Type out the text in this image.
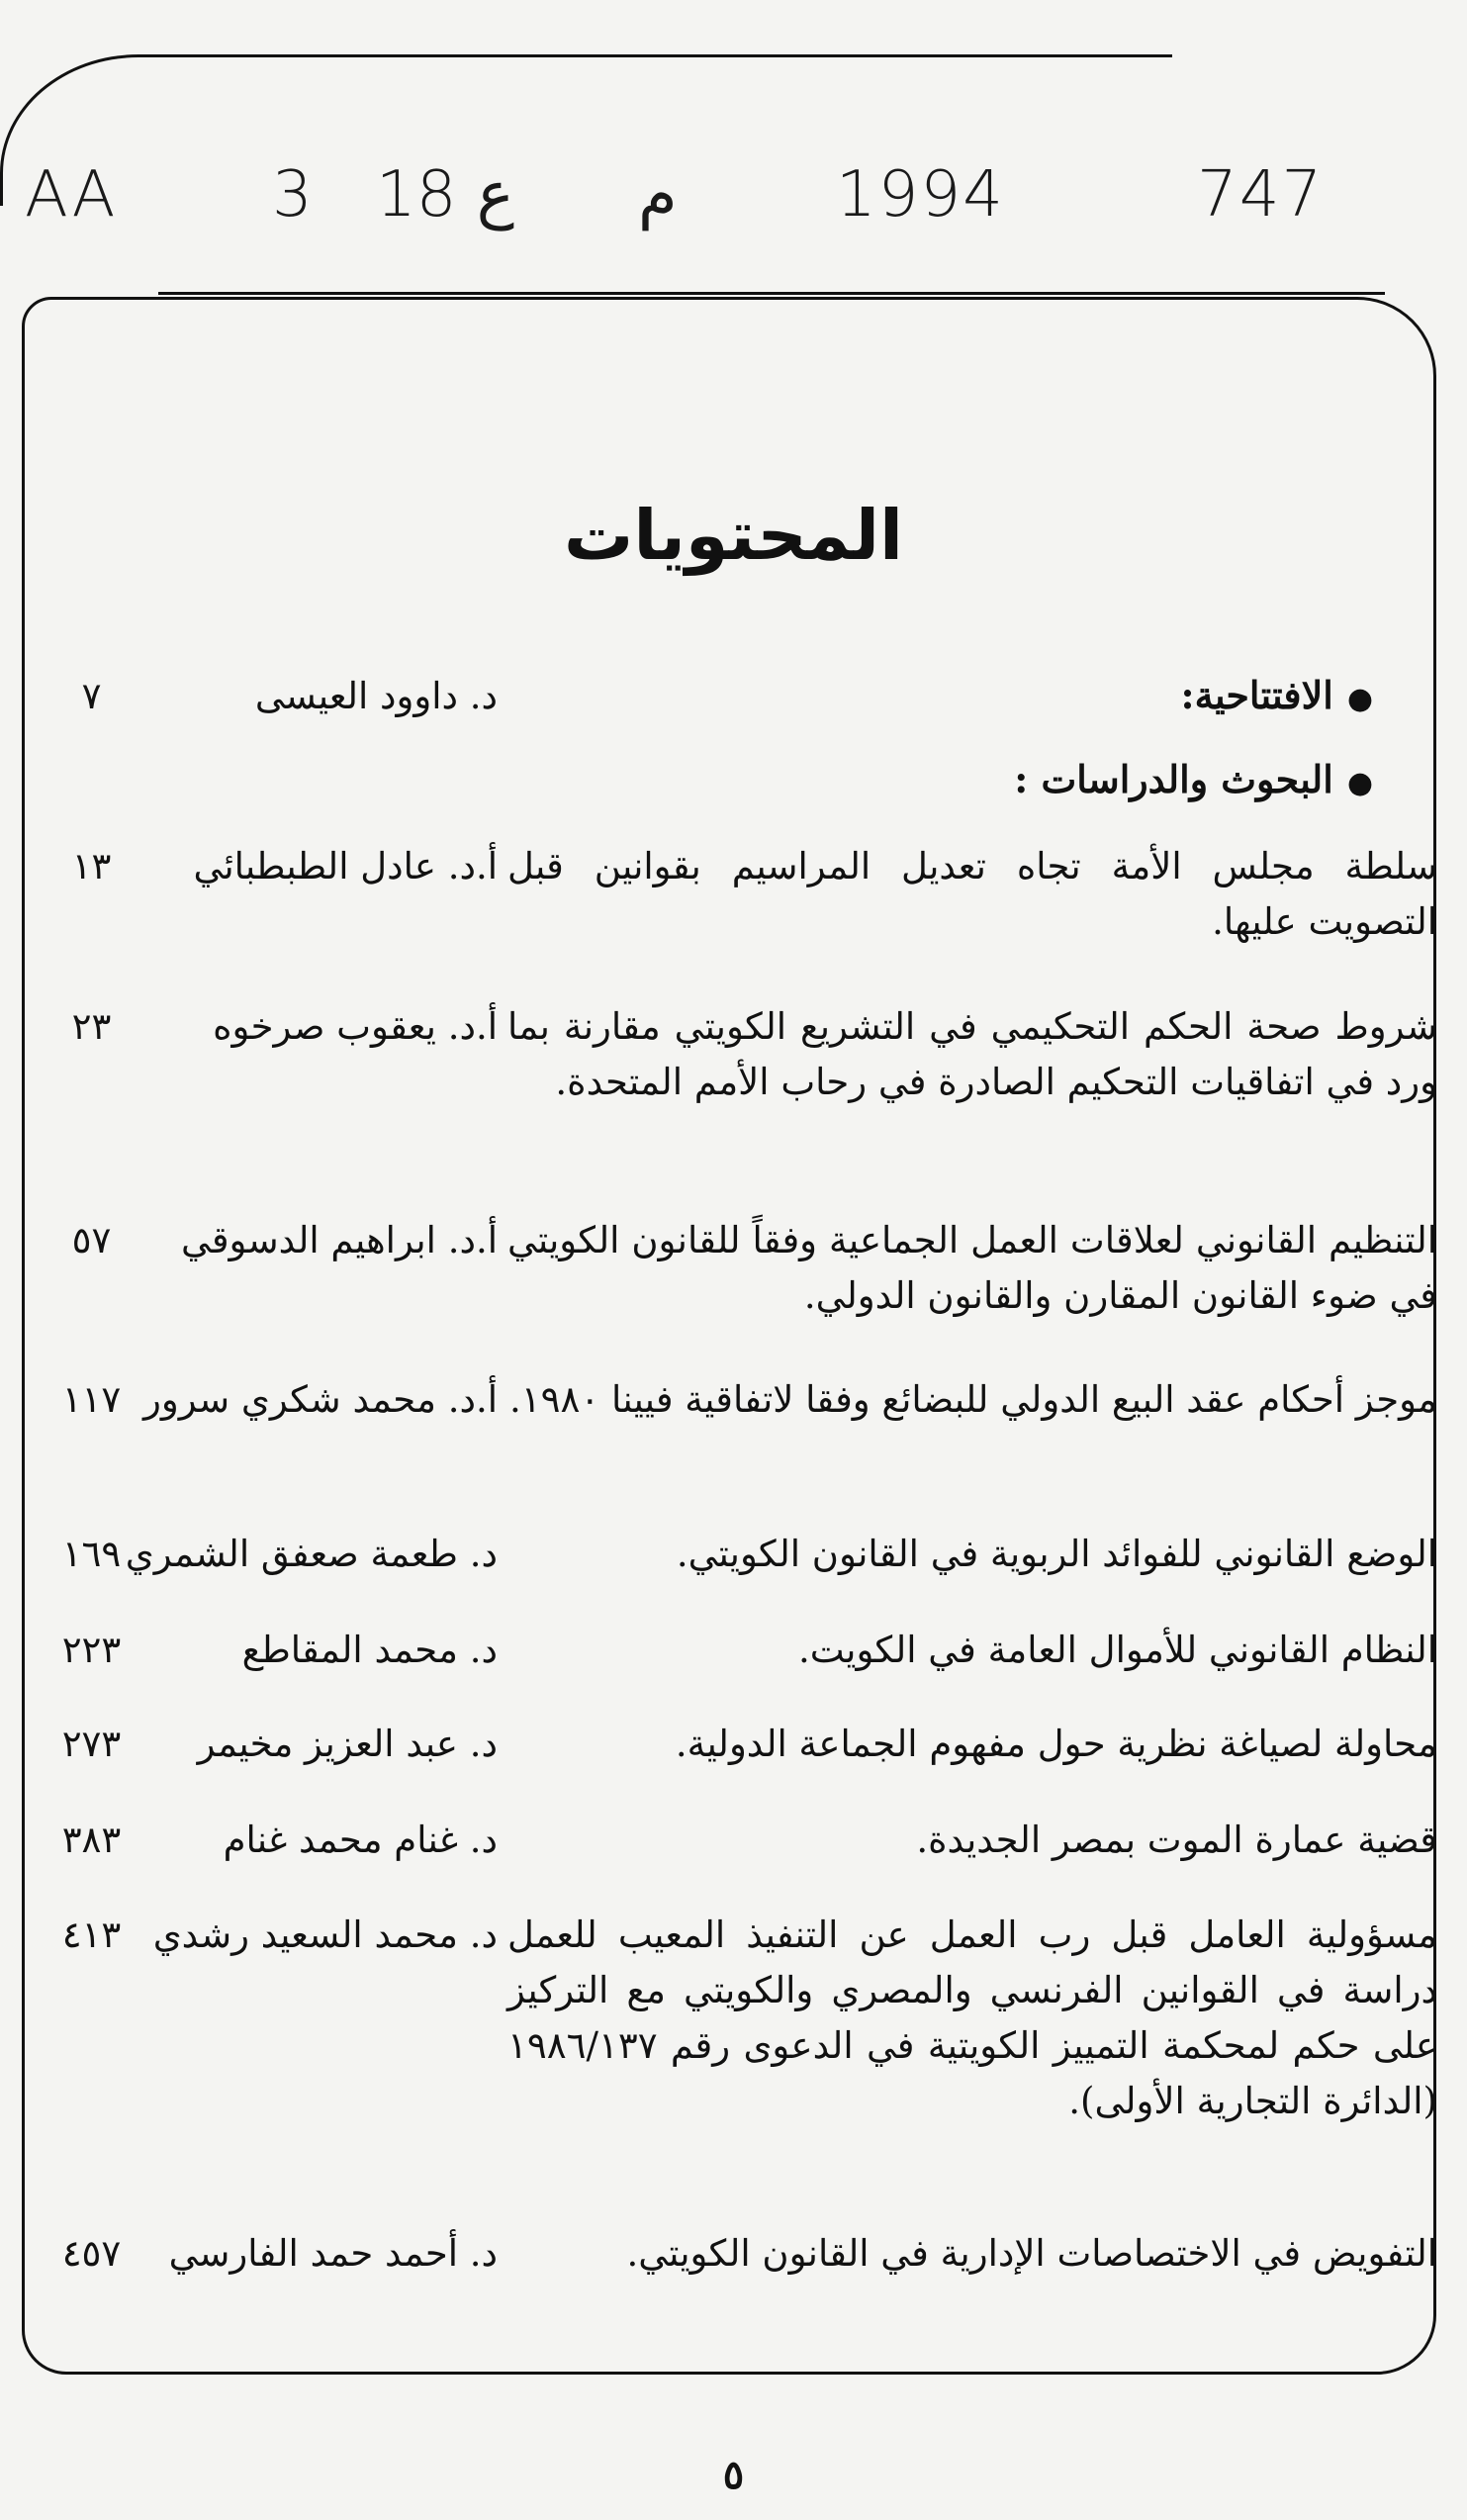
AA 3 ع 18 م	1994	747
المحتويات
●الافتتاحية:
د. داوود العيسى
٧
●البحوث والدراسات :
سلطة مجلس الأمة تجاه تعديل المراسيم بقوانين قبل التصويت عليها.
أ.د. عادل الطبطبائي
١٣
شروط صحة الحكم التحكيمي في التشريع الكويتي مقارنة بما ورد في اتفاقيات التحكيم الصادرة في رحاب الأمم المتحدة.
أ.د. يعقوب صرخوه
٢٣
التنظيم القانوني لعلاقات العمل الجماعية وفقاً للقانون الكويتي في ضوء القانون المقارن والقانون الدولي.
أ.د. ابراهيم الدسوقي
٥٧
موجز أحكام عقد البيع الدولي للبضائع وفقا لاتفاقية فيينا ١٩٨٠.
أ.د. محمد شكري سرور
١١٧
الوضع القانوني للفوائد الربوية في القانون الكويتي.
د. طعمة صعفق الشمري
١٦٩
النظام القانوني للأموال العامة في الكويت.
د. محمد المقاطع
٢٢٣
محاولة لصياغة نظرية حول مفهوم الجماعة الدولية.
د. عبد العزيز مخيمر
٢٧٣
قضية عمارة الموت بمصر الجديدة.
د. غنام محمد غنام
٣٨٣
مسؤولية العامل قبل رب العمل عن التنفيذ المعيب للعمل دراسة في القوانين الفرنسي والمصري والكويتي مع التركيز على حكم لمحكمة التمييز الكويتية في الدعوى رقم ١٩٨٦/١٣٧ (الدائرة التجارية الأولى).
د. محمد السعيد رشدي
٤١٣
التفويض في الاختصاصات الإدارية في القانون الكويتي.
د. أحمد حمد الفارسي
٤٥٧
٥
